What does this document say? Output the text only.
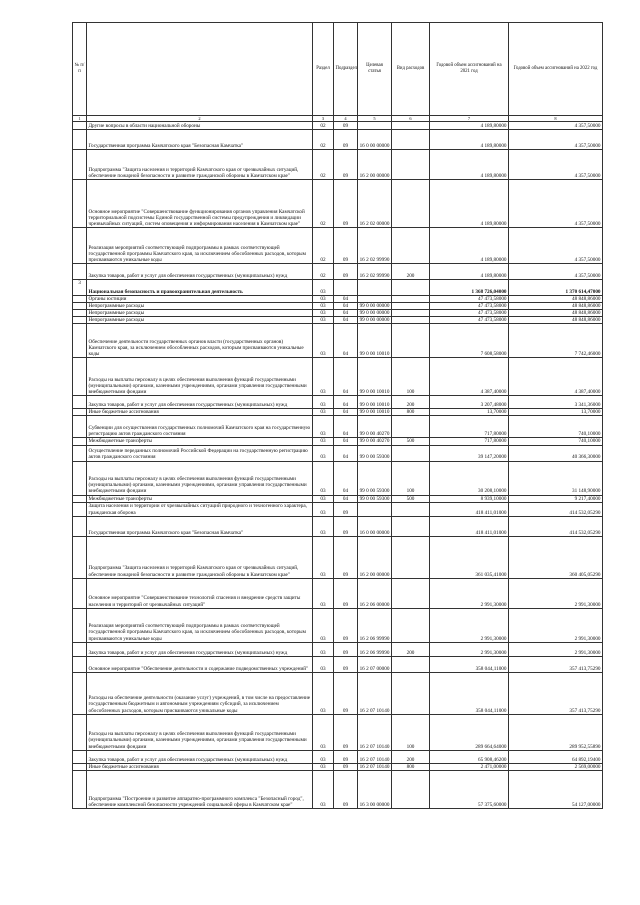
№ п/п		Раздел	Подраздел	Целевая статья	Вид расходов	Годовой объем ассигнований на 2021 год	Годовой объем ассигнований на 2022 год
1	2	3	4	5	6	7	8
	Другие вопросы в области национальной обороны	02	09			4 189,80000	4 357,50000
	Государственная программа Камчатского края "Безопасная Камчатка"	02	09	16 0 00 00000		4 189,80000	4 357,50000
	Подпрограмма "Защита населения и территорий Камчатского края от чрезвычайных ситуаций, обеспечение пожарной безопасности и развитие гражданской обороны в Камчатском крае"	02	09	16 2 00 00000		4 189,80000	4 357,50000
	Основное мероприятие "Совершенствование функционирования органов управления Камчатской территориальной подсистемы Единой государственной системы предупреждения и ликвидации чрезвычайных ситуаций, систем оповещения и информирования населения в Камчатском крае"	02	09	16 2 02 00000		4 189,80000	4 357,50000
	Реализация мероприятий соответствующей подпрограммы в рамках соответствующей государственной программы Камчатского края, за исключением обособленных расходов, которым присваиваются уникальные коды	02	09	16 2 02 99990		4 189,80000	4 357,50000
	Закупка товаров, работ и услуг для обеспечения государственных (муниципальных) нужд	02	09	16 2 02 99990	200	4 189,80000	4 357,50000
3	Национальная безопасность и правоохранительная деятельность	03				1 368 726,04000	1 370 614,47000
	Органы юстиции	03	04			47 473,58000	48 848,86000
	Непрограммные расходы	03	04	99 0 00 00000		47 473,58000	48 848,86000
	Непрограммные расходы	03	04	99 0 00 00000		47 473,58000	48 848,86000
	Непрограммные расходы	03	04	99 0 00 00000		47 473,58000	48 848,86000
	Обеспечение деятельности государственных органов власти (государственных органов) Камчатского края, за исключением обособленных расходов, которым присваиваются уникальные коды	03	04	99 0 00 10010		7 608,58000	7 742,46000
	Расходы на выплаты персоналу в целях обеспечения выполнения функций государственными (муниципальными) органами, казенными учреждениями, органами управления государственными внебюджетными фондами	03	04	99 0 00 10010	100	4 387,40000	4 387,40000
	Закупка товаров, работ и услуг для обеспечения государственных (муниципальных) нужд	03	04	99 0 00 10010	200	3 207,48000	3 341,36000
	Иные бюджетные ассигнования	03	04	99 0 00 10010	800	13,70000	13,70000
	Субвенции для осуществления государственных полномочий Камчатского края на государственную регистрацию актов гражданского состояния	03	04	99 0 00 40270		717,80000	740,10000
	Межбюджетные трансферты	03	04	99 0 00 40270	500	717,80000	740,10000
	Осуществление переданных полномочий Российской Федерации на государственную регистрацию актов гражданского состояния	03	04	99 0 00 59300		39 147,20000	40 366,30000
	Расходы на выплаты персоналу в целях обеспечения выполнения функций государственными (муниципальными) органами, казенными учреждениями, органами управления государственными внебюджетными фондами	03	04	99 0 00 59300	100	30 208,10000	31 148,90000
	Межбюджетные трансферты	03	04	99 0 00 59300	500	8 939,10000	9 217,40000
	Защита населения и территории от чрезвычайных ситуаций природного и техногенного характера, гражданская оборона	03	09			418 411,01000	414 532,05290
	Государственная программа Камчатского края "Безопасная Камчатка"	03	09	16 0 00 00000		418 411,01000	414 532,05290
	Подпрограмма "Защита населения и территорий Камчатского края от чрезвычайных ситуаций, обеспечение пожарной безопасности и развитие гражданской обороны в Камчатском крае"	03	09	16 2 00 00000		361 035,41000	360 405,05290
	Основное мероприятие "Совершенствование технологий спасения и внедрение средств защиты населения и территорий от чрезвычайных ситуаций"	03	09	16 2 06 00000		2 991,30000	2 991,30000
	Реализация мероприятий соответствующей подпрограммы в рамках соответствующей государственной программы Камчатского края, за исключением обособленных расходов, которым присваиваются уникальные коды	03	09	16 2 06 99990		2 991,30000	2 991,30000
	Закупка товаров, работ и услуг для обеспечения государственных (муниципальных) нужд	03	09	16 2 06 99990	200	2 991,30000	2 991,30000
	Основное мероприятие "Обеспечение деятельности и содержание подведомственных учреждений"	03	09	16 2 07 00000		358 044,11000	357 413,75290
	Расходы на обеспечение деятельности (оказание услуг) учреждений, в том числе на предоставление государственным бюджетным и автономным учреждениям субсидий, за исключением обособленных расходов, которым присваиваются уникальные коды	03	09	16 2 07 10140		358 044,11000	357 413,75290
	Расходы на выплаты персоналу в целях обеспечения выполнения функций государственными (муниципальными) органами, казенными учреждениями, органами управления государственными внебюджетными фондами	03	09	16 2 07 10140	100	289 664,64000	289 952,55890
	Закупка товаров, работ и услуг для обеспечения государственных (муниципальных) нужд	03	09	16 2 07 10140	200	65 908,46200	64 892,19400
	Иные бюджетные ассигнования	03	09	16 2 07 10140	800	2 471,00000	2 569,00000
	Подпрограмма "Построение и развитие аппаратно-программного комплекса "Безопасный город", обеспечение комплексной безопасности учреждений социальной сферы в Камчатском крае"	03	09	16 3 00 00000		57 375,60000	54 127,00000
